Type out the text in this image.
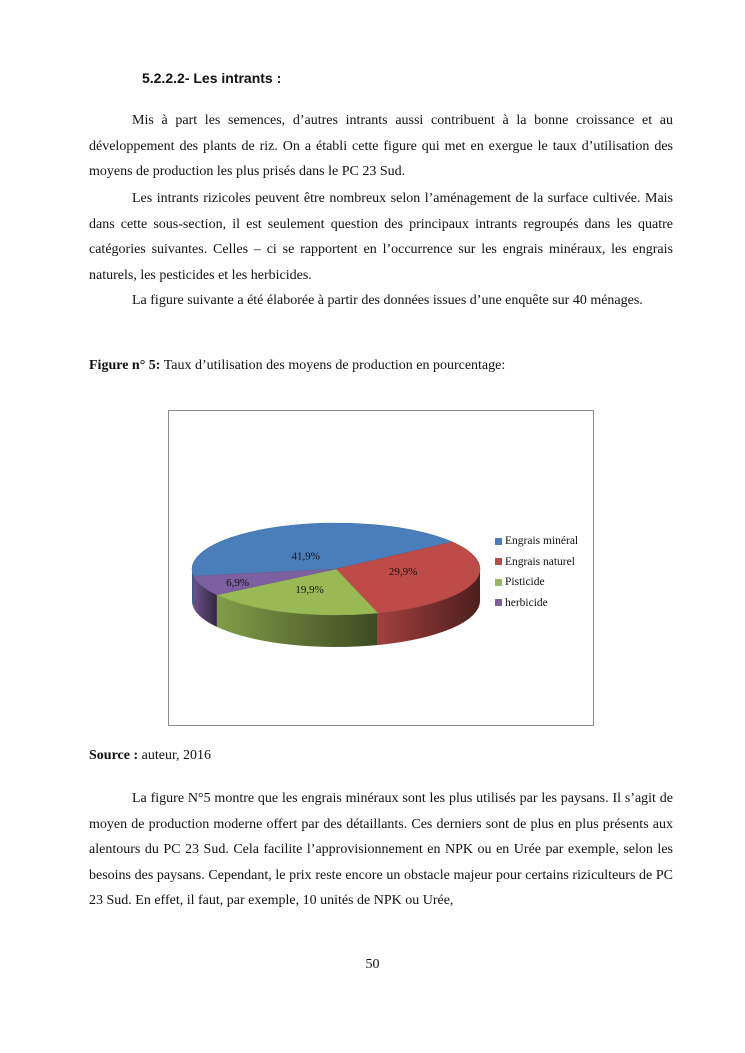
5.2.2.2- Les intrants :

Mis à part les semences, d’autres intrants aussi contribuent à la bonne croissance et au développement des plants de riz. On a établi cette figure qui met en exergue le taux d’utilisation des moyens de production les plus prisés dans le PC 23 Sud.

Les intrants rizicoles peuvent être nombreux selon l’aménagement de la surface cultivée. Mais dans cette sous-section, il est seulement question des principaux intrants regroupés dans les quatre catégories suivantes. Celles – ci se rapportent en l’occurrence sur les engrais minéraux, les engrais naturels, les pesticides et les herbicides.

La figure suivante a été élaborée à partir des données issues d’une enquête sur 40 ménages.

Figure n° 5: Taux d’utilisation des moyens de production en pourcentage:
41,9%
29,9%
19,9%
6,9%
Engrais minéral
Engrais naturel
Pisticide
herbicide
Source : auteur, 2016

La figure N°5 montre que les engrais minéraux sont les plus utilisés par les paysans. Il s’agit de moyen de production moderne offert par des détaillants. Ces derniers sont de plus en plus présents aux alentours du PC 23 Sud. Cela facilite l’approvisionnement en NPK ou en Urée par exemple, selon les besoins des paysans. Cependant, le prix reste encore un obstacle majeur pour certains riziculteurs de PC 23 Sud. En effet, il faut, par exemple, 10 unités de NPK ou Urée,

50
